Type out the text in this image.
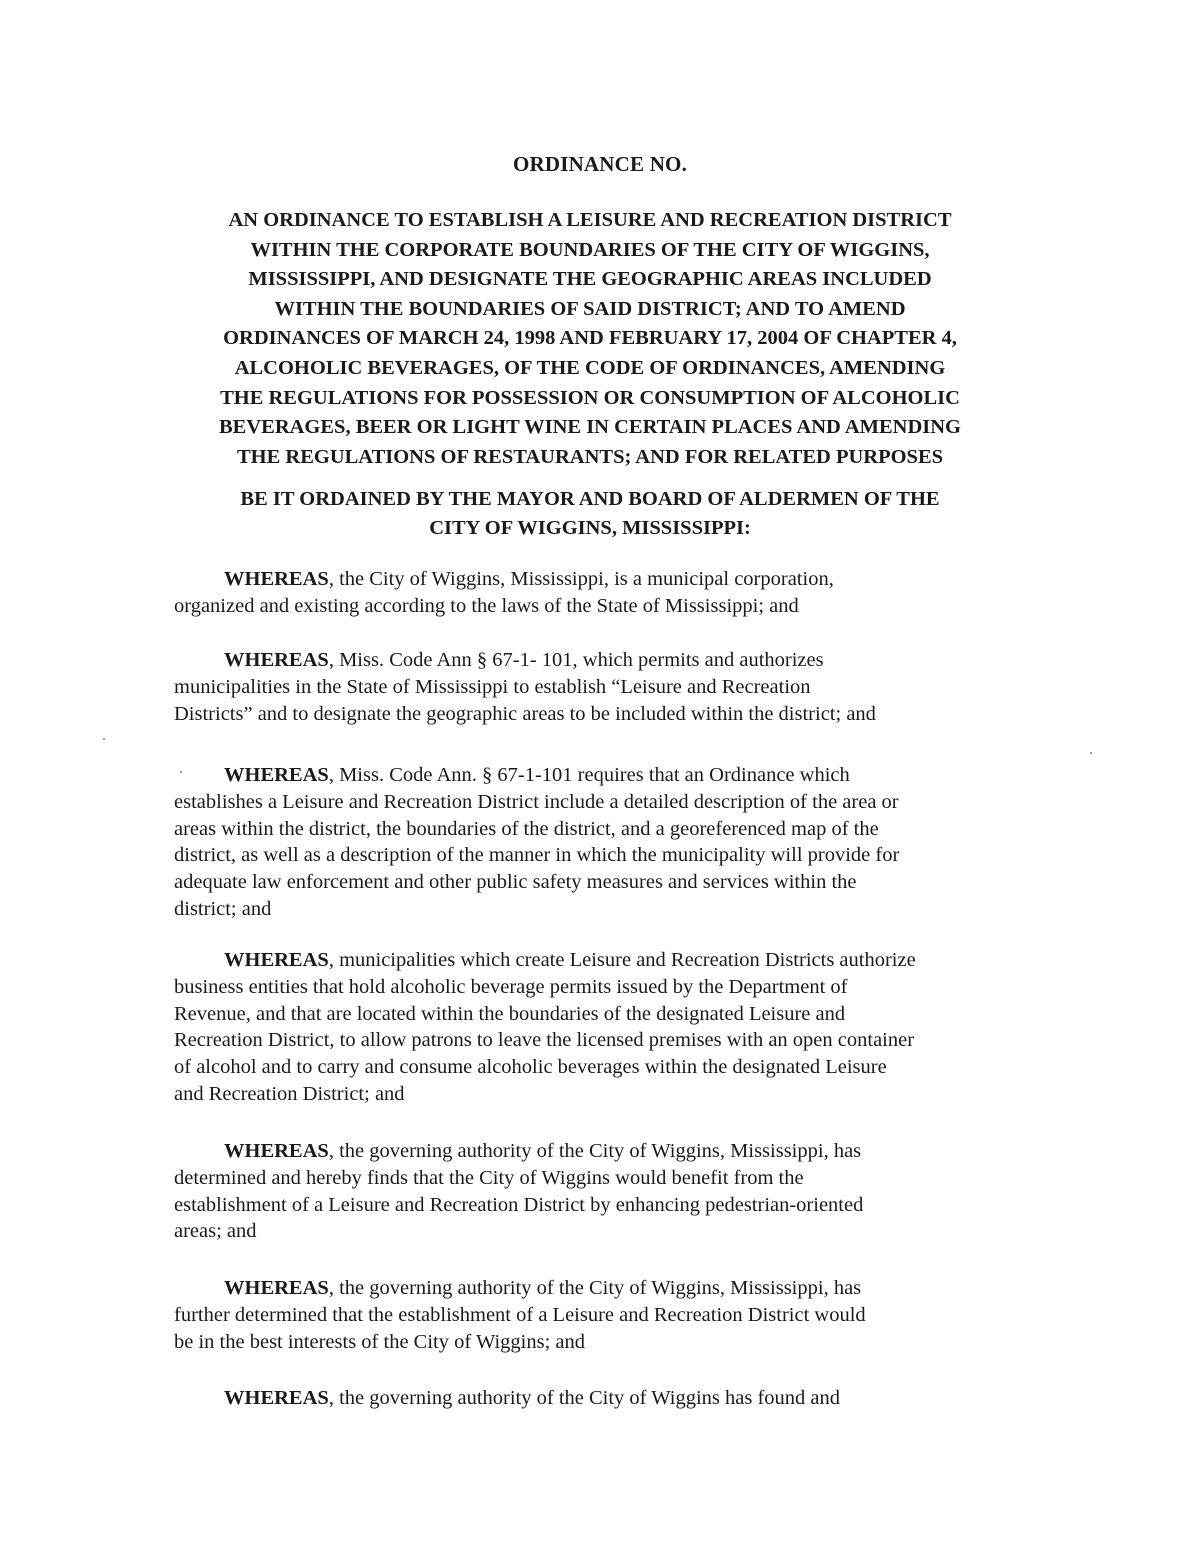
ORDINANCE NO.
AN ORDINANCE TO ESTABLISH A LEISURE AND RECREATION DISTRICT
WITHIN THE CORPORATE BOUNDARIES OF THE CITY OF WIGGINS,
MISSISSIPPI, AND DESIGNATE THE GEOGRAPHIC AREAS INCLUDED
WITHIN THE BOUNDARIES OF SAID DISTRICT; AND TO AMEND
ORDINANCES OF MARCH 24, 1998 AND FEBRUARY 17, 2004 OF CHAPTER 4,
ALCOHOLIC BEVERAGES, OF THE CODE OF ORDINANCES, AMENDING
THE REGULATIONS FOR POSSESSION OR CONSUMPTION OF ALCOHOLIC
BEVERAGES, BEER OR LIGHT WINE IN CERTAIN PLACES AND AMENDING
THE REGULATIONS OF RESTAURANTS; AND FOR RELATED PURPOSES
BE IT ORDAINED BY THE MAYOR AND BOARD OF ALDERMEN OF THE
CITY OF WIGGINS, MISSISSIPPI:
WHEREAS, the City of Wiggins, Mississippi, is a municipal corporation,
organized and existing according to the laws of the State of Mississippi; and
WHEREAS, Miss. Code Ann § 67-1- 101, which permits and authorizes
municipalities in the State of Mississippi to establish “Leisure and Recreation
Districts” and to designate the geographic areas to be included within the district; and
WHEREAS, Miss. Code Ann. § 67-1-101 requires that an Ordinance which
establishes a Leisure and Recreation District include a detailed description of the area or
areas within the district, the boundaries of the district, and a georeferenced map of the
district, as well as a description of the manner in which the municipality will provide for
adequate law enforcement and other public safety measures and services within the
district; and
WHEREAS, municipalities which create Leisure and Recreation Districts authorize
business entities that hold alcoholic beverage permits issued by the Department of
Revenue, and that are located within the boundaries of the designated Leisure and
Recreation District, to allow patrons to leave the licensed premises with an open container
of alcohol and to carry and consume alcoholic beverages within the designated Leisure
and Recreation District; and
WHEREAS, the governing authority of the City of Wiggins, Mississippi, has
determined and hereby finds that the City of Wiggins would benefit from the
establishment of a Leisure and Recreation District by enhancing pedestrian-oriented
areas; and
WHEREAS, the governing authority of the City of Wiggins, Mississippi, has
further determined that the establishment of a Leisure and Recreation District would
be in the best interests of the City of Wiggins; and
WHEREAS, the governing authority of the City of Wiggins has found and
